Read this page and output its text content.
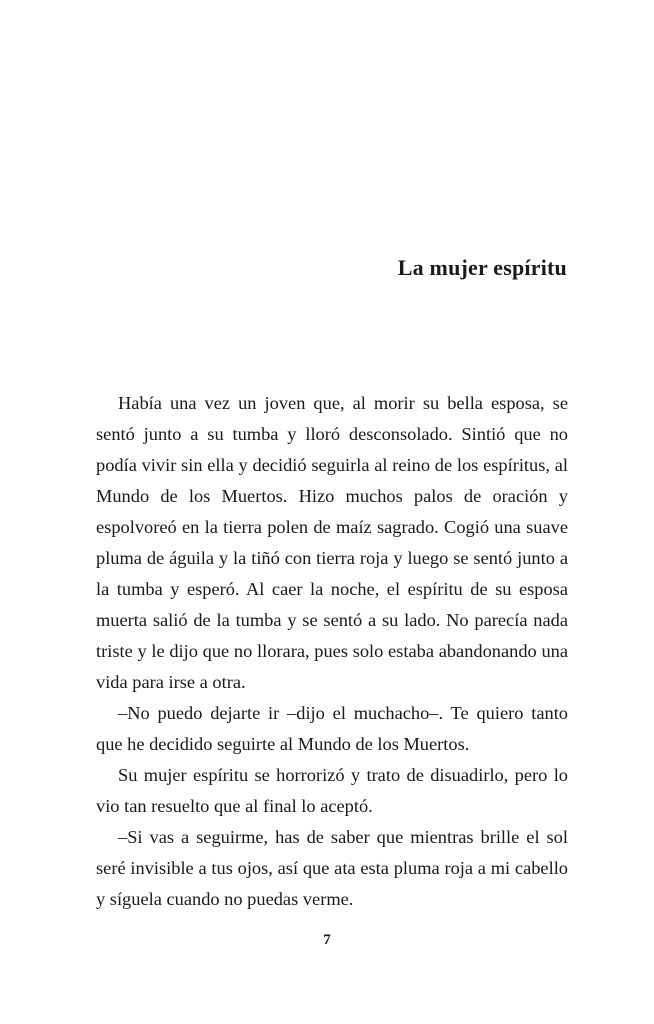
La mujer espíritu

Había una vez un joven que, al morir su bella esposa, se sentó junto a su tumba y lloró desconsolado. Sintió que no podía vivir sin ella y decidió seguirla al reino de los espíritus, al Mundo de los Muertos. Hizo muchos palos de oración y espolvoreó en la tierra polen de maíz sagrado. Cogió una suave pluma de águila y la tiñó con tierra roja y luego se sentó junto a la tumba y esperó. Al caer la noche, el espíritu de su esposa muerta salió de la tumba y se sentó a su lado. No parecía nada triste y le dijo que no llorara, pues solo estaba abandonando una vida para irse a otra.

–No puedo dejarte ir –dijo el muchacho–. Te quiero tanto que he decidido seguirte al Mundo de los Muertos.

Su mujer espíritu se horrorizó y trato de disuadirlo, pero lo vio tan resuelto que al final lo aceptó.

–Si vas a seguirme, has de saber que mientras brille el sol seré invisible a tus ojos, así que ata esta pluma roja a mi cabello y síguela cuando no puedas verme.

7
